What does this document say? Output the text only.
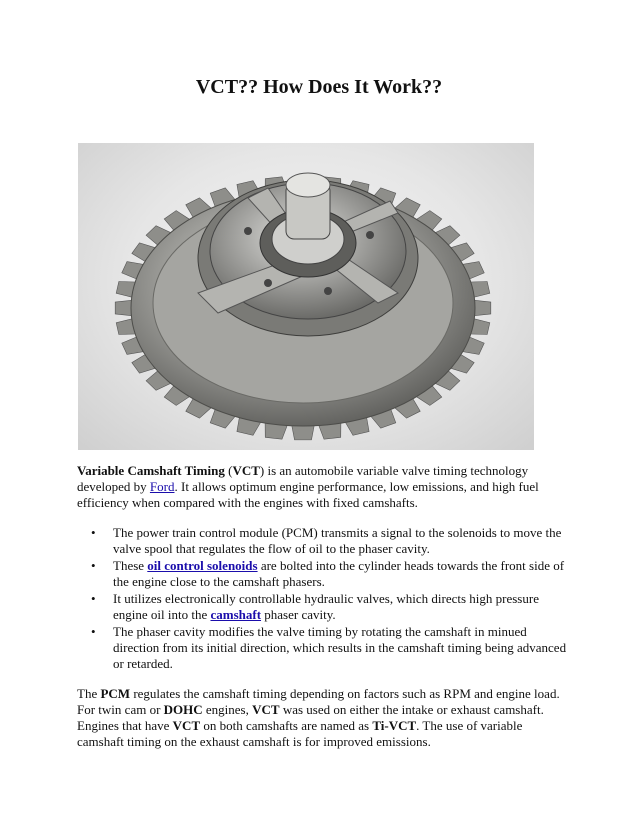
VCT?? How Does It Work??

Variable Camshaft Timing (VCT) is an automobile variable valve timing technology developed by Ford. It allows optimum engine performance, low emissions, and high fuel efficiency when compared with the engines with fixed camshafts.

• The power train control module (PCM) transmits a signal to the solenoids to move the valve spool that regulates the flow of oil to the phaser cavity.
• These oil control solenoids are bolted into the cylinder heads towards the front side of the engine close to the camshaft phasers.
• It utilizes electronically controllable hydraulic valves, which directs high pressure engine oil into the camshaft phaser cavity.
• The phaser cavity modifies the valve timing by rotating the camshaft in minued direction from its initial direction, which results in the camshaft timing being advanced or retarded.

The PCM regulates the camshaft timing depending on factors such as RPM and engine load. For twin cam or DOHC engines, VCT was used on either the intake or exhaust camshaft. Engines that have VCT on both camshafts are named as Ti-VCT. The use of variable camshaft timing on the exhaust camshaft is for improved emissions.
